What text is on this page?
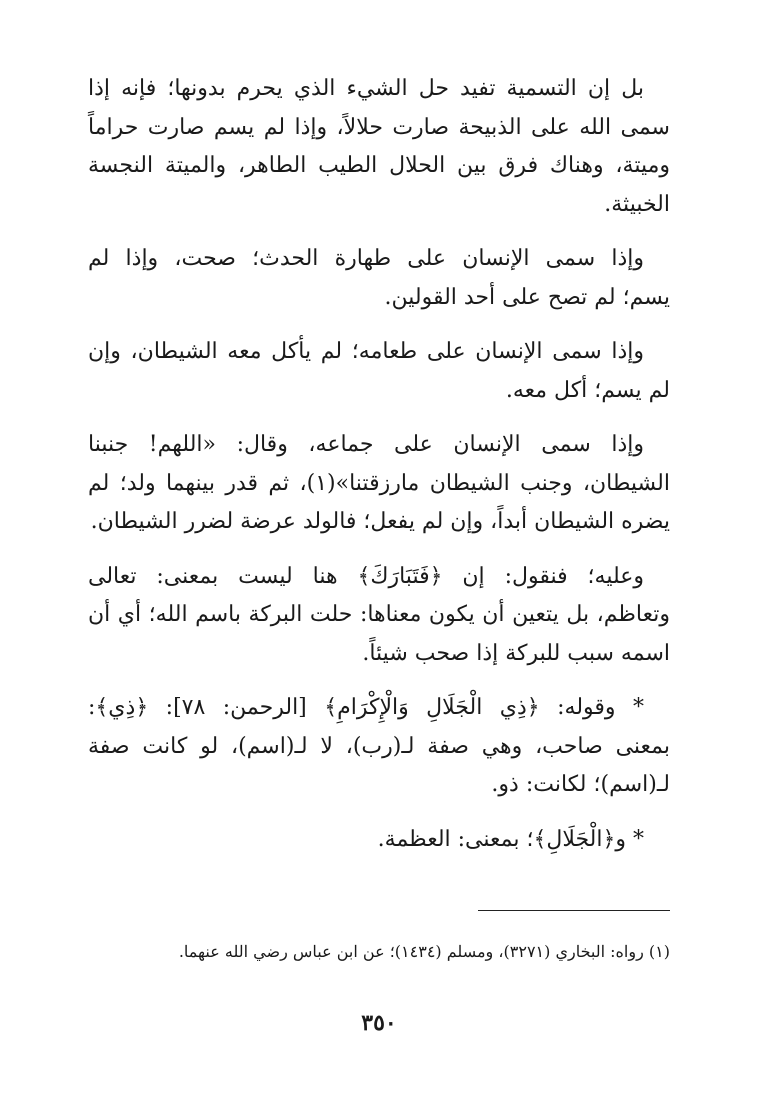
بل إن التسمية تفيد حل الشيء الذي يحرم بدونها؛ فإنه إذا
سمى الله على الذبيحة صارت حلالاً، وإذا لم يسم صارت حراماً
وميتة، وهناك فرق بين الحلال الطيب الطاهر، والميتة النجسة
الخبيثة.
وإذا سمى الإنسان على طهارة الحدث؛ صحت، وإذا لم
يسم؛ لم تصح على أحد القولين.
وإذا سمى الإنسان على طعامه؛ لم يأكل معه الشيطان، وإن
لم يسم؛ أكل معه.
وإذا سمى الإنسان على جماعه، وقال: «اللهم! جنبنا
الشيطان، وجنب الشيطان مارزقتنا»(١)، ثم قدر بينهما ولد؛ لم
يضره الشيطان أبداً، وإن لم يفعل؛ فالولد عرضة لضرر الشيطان.
وعليه؛ فنقول: إن ﴿فَتَبَارَكَ﴾ هنا ليست بمعنى: تعالى
وتعاظم، بل يتعين أن يكون معناها: حلت البركة باسم الله؛ أي أن
اسمه سبب للبركة إذا صحب شيئاً.
* وقوله: ﴿ذِي الْجَلَالِ وَالْإِكْرَامِ﴾ [الرحمن: ٧٨]: ﴿ذِي﴾:
بمعنى صاحب، وهي صفة لـ(رب)، لا لـ(اسم)، لو كانت صفة
لـ(اسم)؛ لكانت: ذو.
* و﴿الْجَلَالِ﴾؛ بمعنى: العظمة.
(١) رواه: البخاري (٣٢٧١)، ومسلم (١٤٣٤)؛ عن ابن عباس رضي الله عنهما.
٣٥٠
